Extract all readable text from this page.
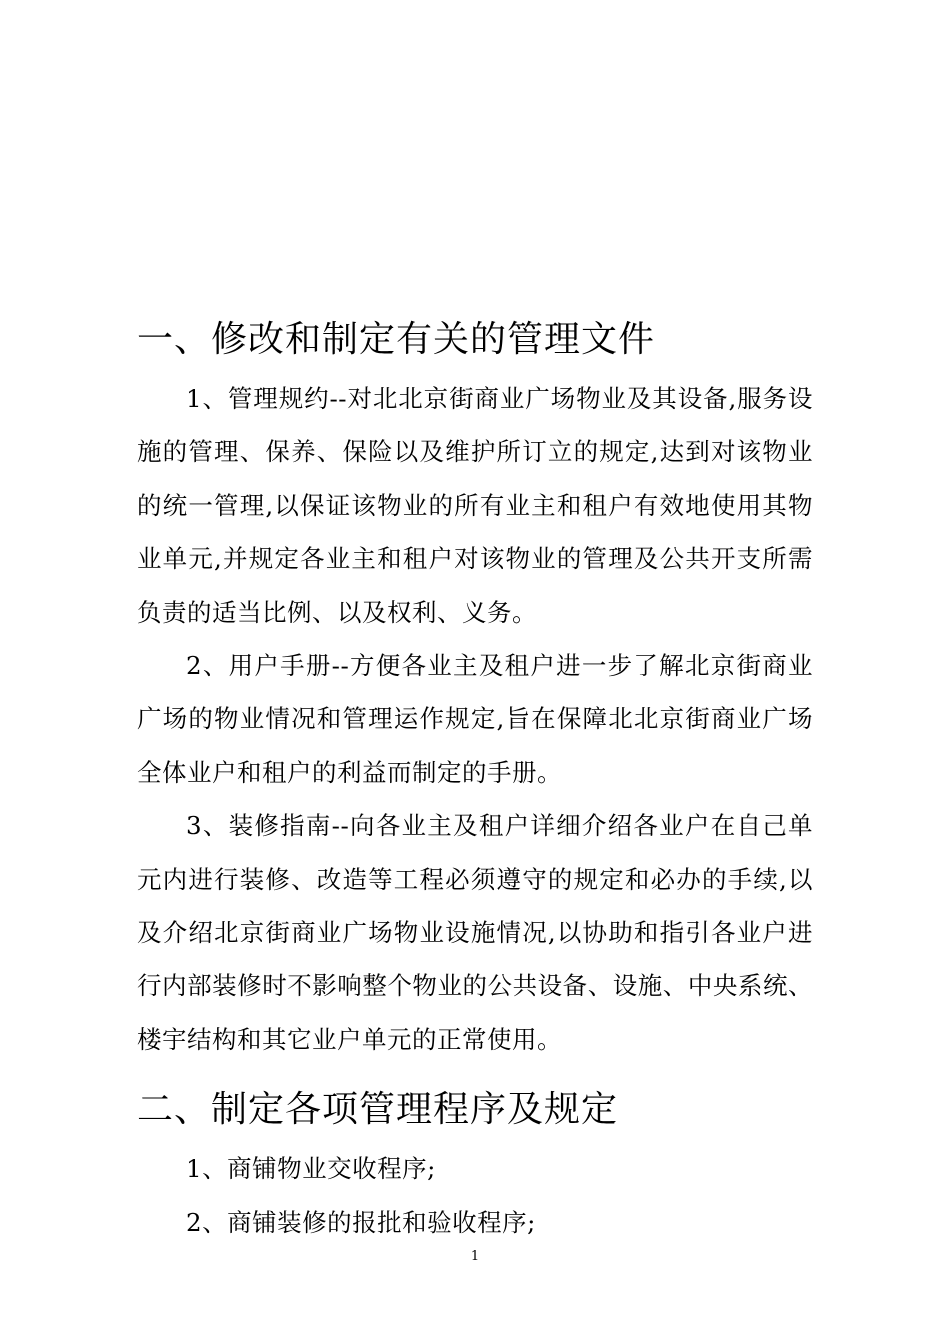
一、修改和制定有关的管理文件

1、管理规约--对北北京街商业广场物业及其设备,服务设施的管理、保养、保险以及维护所订立的规定,达到对该物业的统一管理,以保证该物业的所有业主和租户有效地使用其物业单元,并规定各业主和租户对该物业的管理及公共开支所需负责的适当比例、以及权利、义务。

2、用户手册--方便各业主及租户进一步了解北京街商业广场的物业情况和管理运作规定,旨在保障北北京街商业广场全体业户和租户的利益而制定的手册。

3、装修指南--向各业主及租户详细介绍各业户在自己单元内进行装修、改造等工程必须遵守的规定和必办的手续,以及介绍北京街商业广场物业设施情况,以协助和指引各业户进行内部装修时不影响整个物业的公共设备、设施、中央系统、楼宇结构和其它业户单元的正常使用。

二、制定各项管理程序及规定

1、商铺物业交收程序;

2、商铺装修的报批和验收程序;

1
